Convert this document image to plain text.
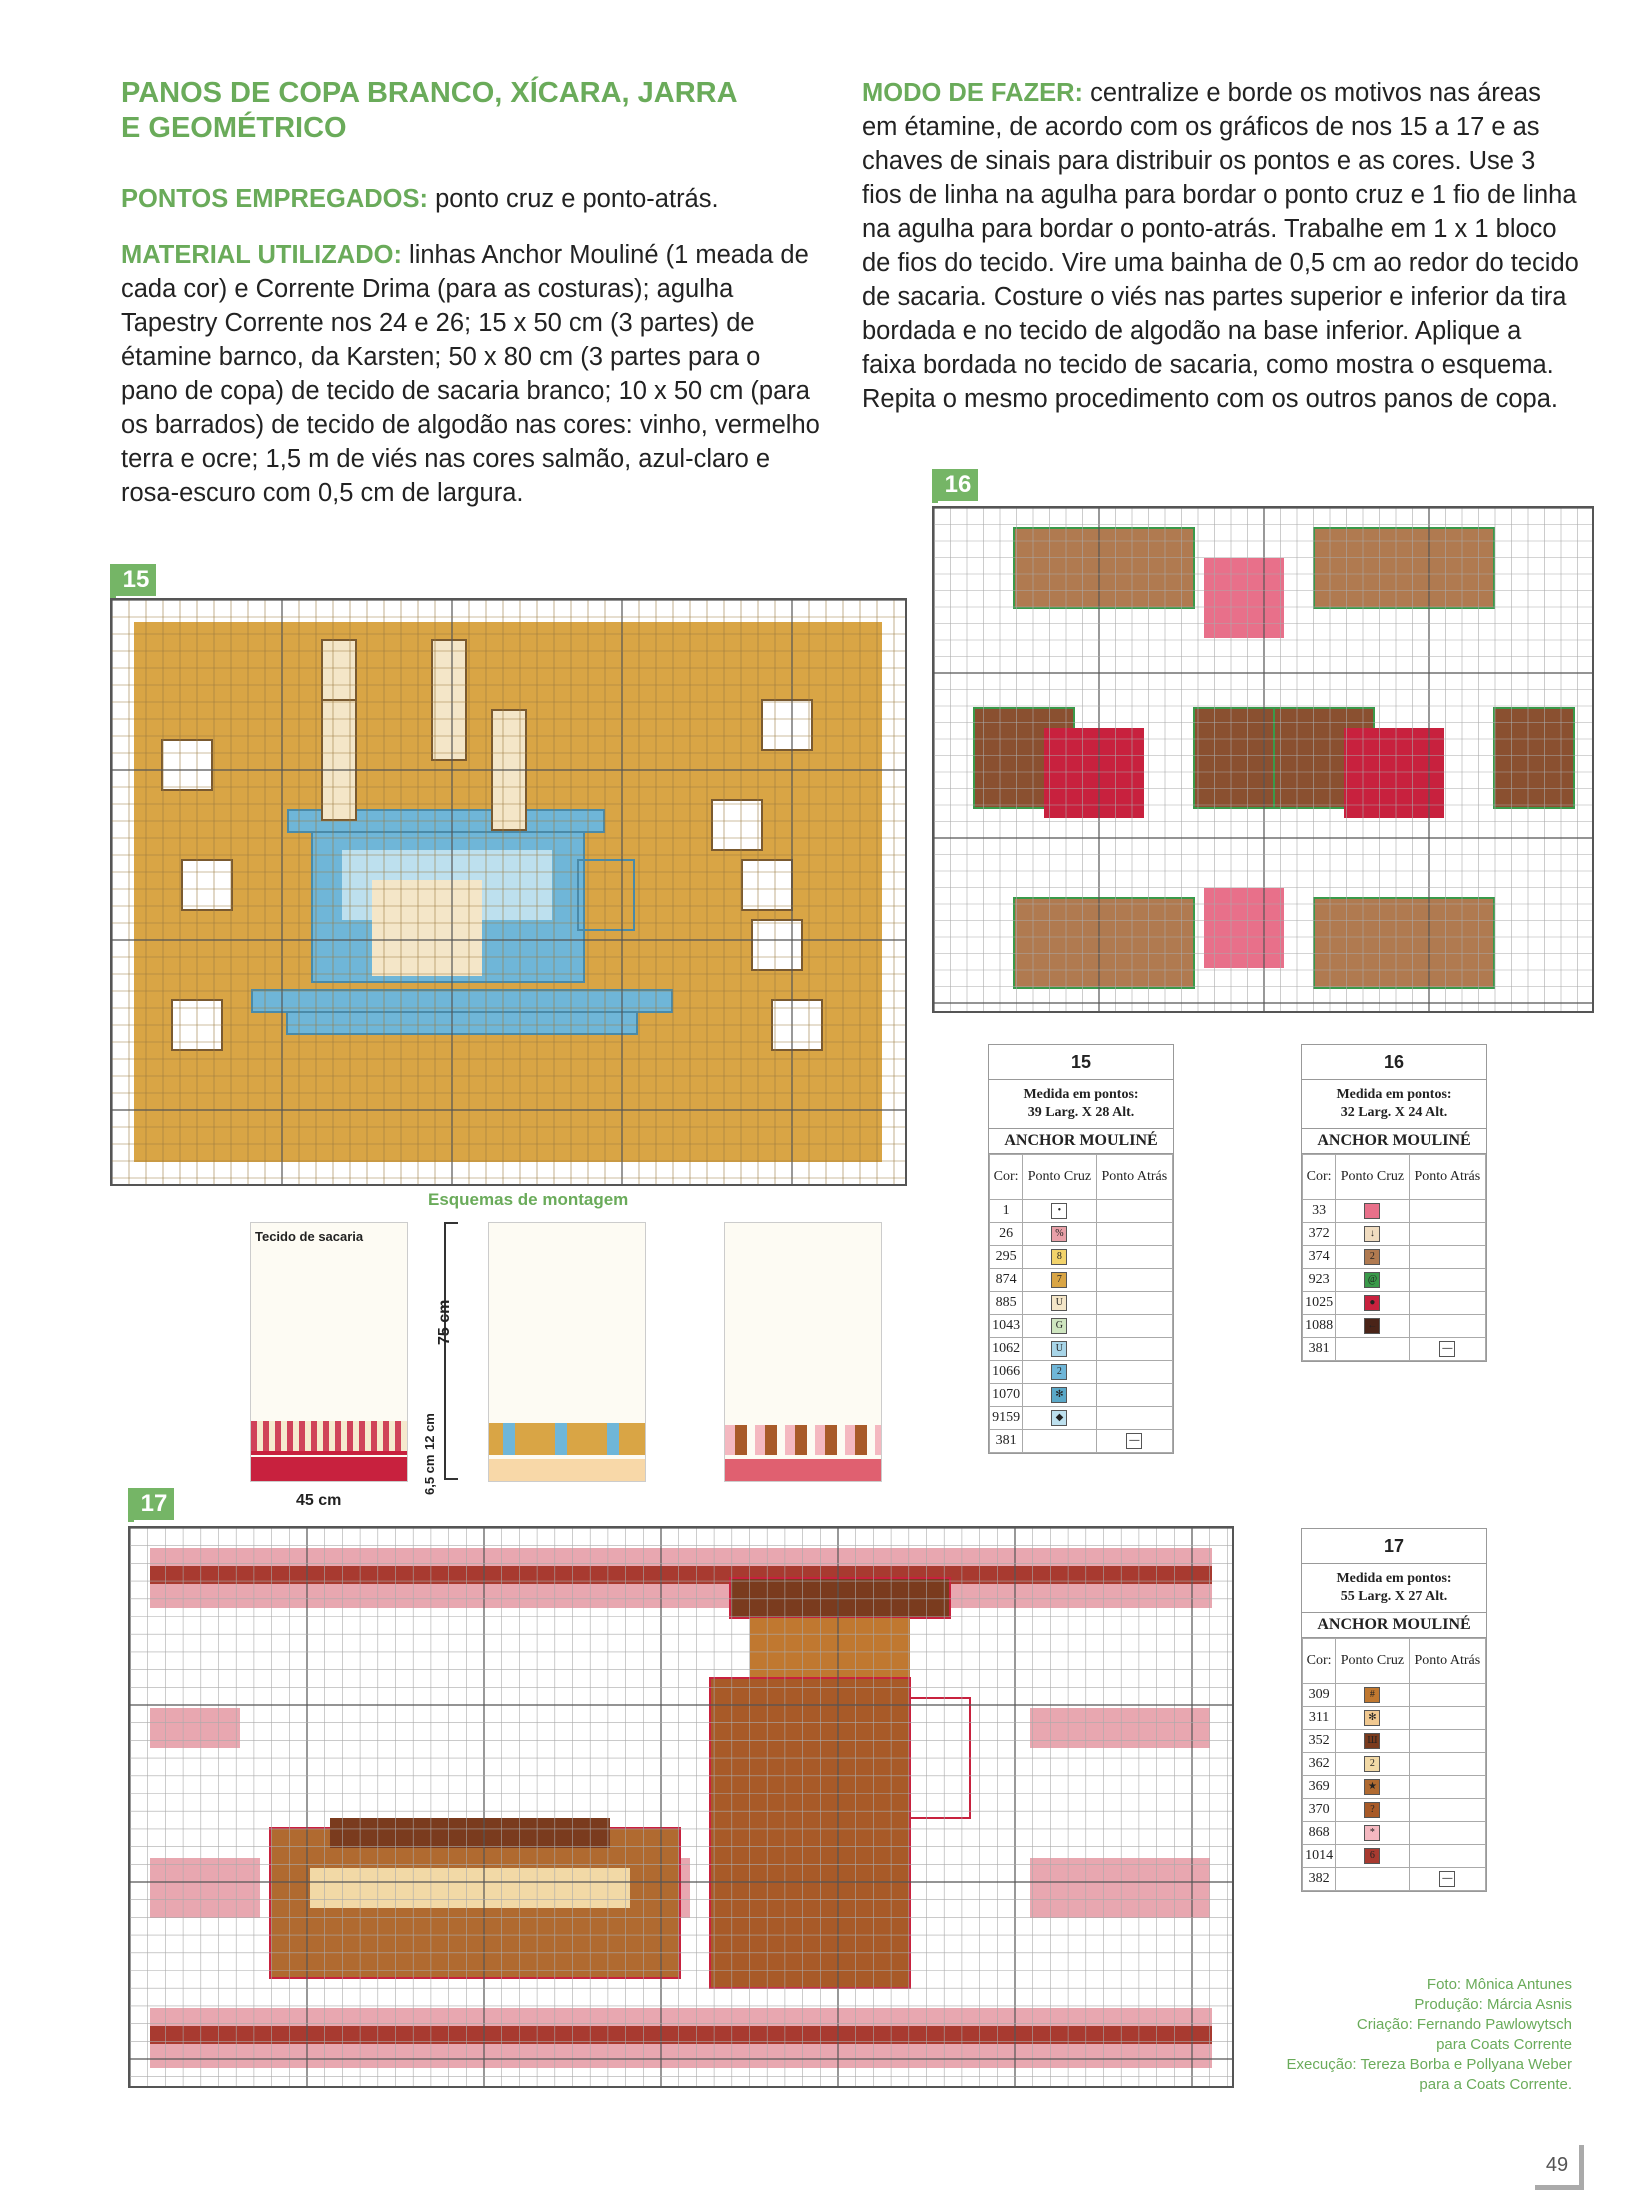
PANOS DE COPA BRANCO, XÍCARA, JARRA
E GEOMÉTRICO

PONTOS EMPREGADOS: ponto cruz e ponto-atrás.

MATERIAL UTILIZADO: linhas Anchor Mouliné (1 meada de cada cor) e Corrente Drima (para as costuras); agulha Tapestry Corrente nos 24 e 26; 15 x 50 cm (3 partes) de étamine barnco, da Karsten; 50 x 80 cm (3 partes para o pano de copa) de tecido de sacaria branco; 10 x 50 cm (para os barrados) de tecido de algodão nas cores: vinho, vermelho terra e ocre; 1,5 m de viés nas cores salmão, azul-claro e rosa-escuro com 0,5 cm de largura.

MODO DE FAZER: centralize e borde os motivos nas áreas em étamine, de acordo com os gráficos de nos 15 a 17 e as chaves de sinais para distribuir os pontos e as cores. Use 3 fios de linha na agulha para bordar o ponto cruz e 1 fio de linha na agulha para bordar o ponto-atrás. Trabalhe em 1 x 1 bloco de fios do tecido. Vire uma bainha de 0,5 cm ao redor do tecido de sacaria. Costure o viés nas partes superior e inferior da tira bordada e no tecido de algodão na base inferior. Aplique a faixa bordada no tecido de sacaria, como mostra o esquema. Repita o mesmo procedimento com os outros panos de copa.

15
16
17
Esquemas de montagem
Tecido de sacaria
75 cm
12 cm
6,5 cm
45 cm
15
Medida em pontos:
39 Larg. X 28 Alt.
ANCHOR MOULINÉ
Cor:	Ponto Cruz	Ponto Atrás
1	•	
26	%	
295	8	
874	7	
885	U	
1043	G	
1062	U	
1066	2	
1070	✻	
9159	◆	
381		—
16
Medida em pontos:
32 Larg. X 24 Alt.
ANCHOR MOULINÉ
Cor:	Ponto Cruz	Ponto Atrás
33		
372	↓	
374	2	
923	@	
1025	●	
1088	←	
381		—
17
Medida em pontos:
55 Larg. X 27 Alt.
ANCHOR MOULINÉ
Cor:	Ponto Cruz	Ponto Atrás
309	#	
311	✻	
352	Ш	
362	2	
369	★	
370	?	
868	*	
1014	6	
382		—
Foto: Mônica Antunes
Produção: Márcia Asnis
Criação: Fernando Pawlowytsch
para Coats Corrente
Execução: Tereza Borba e Pollyana Weber
para a Coats Corrente.
49
